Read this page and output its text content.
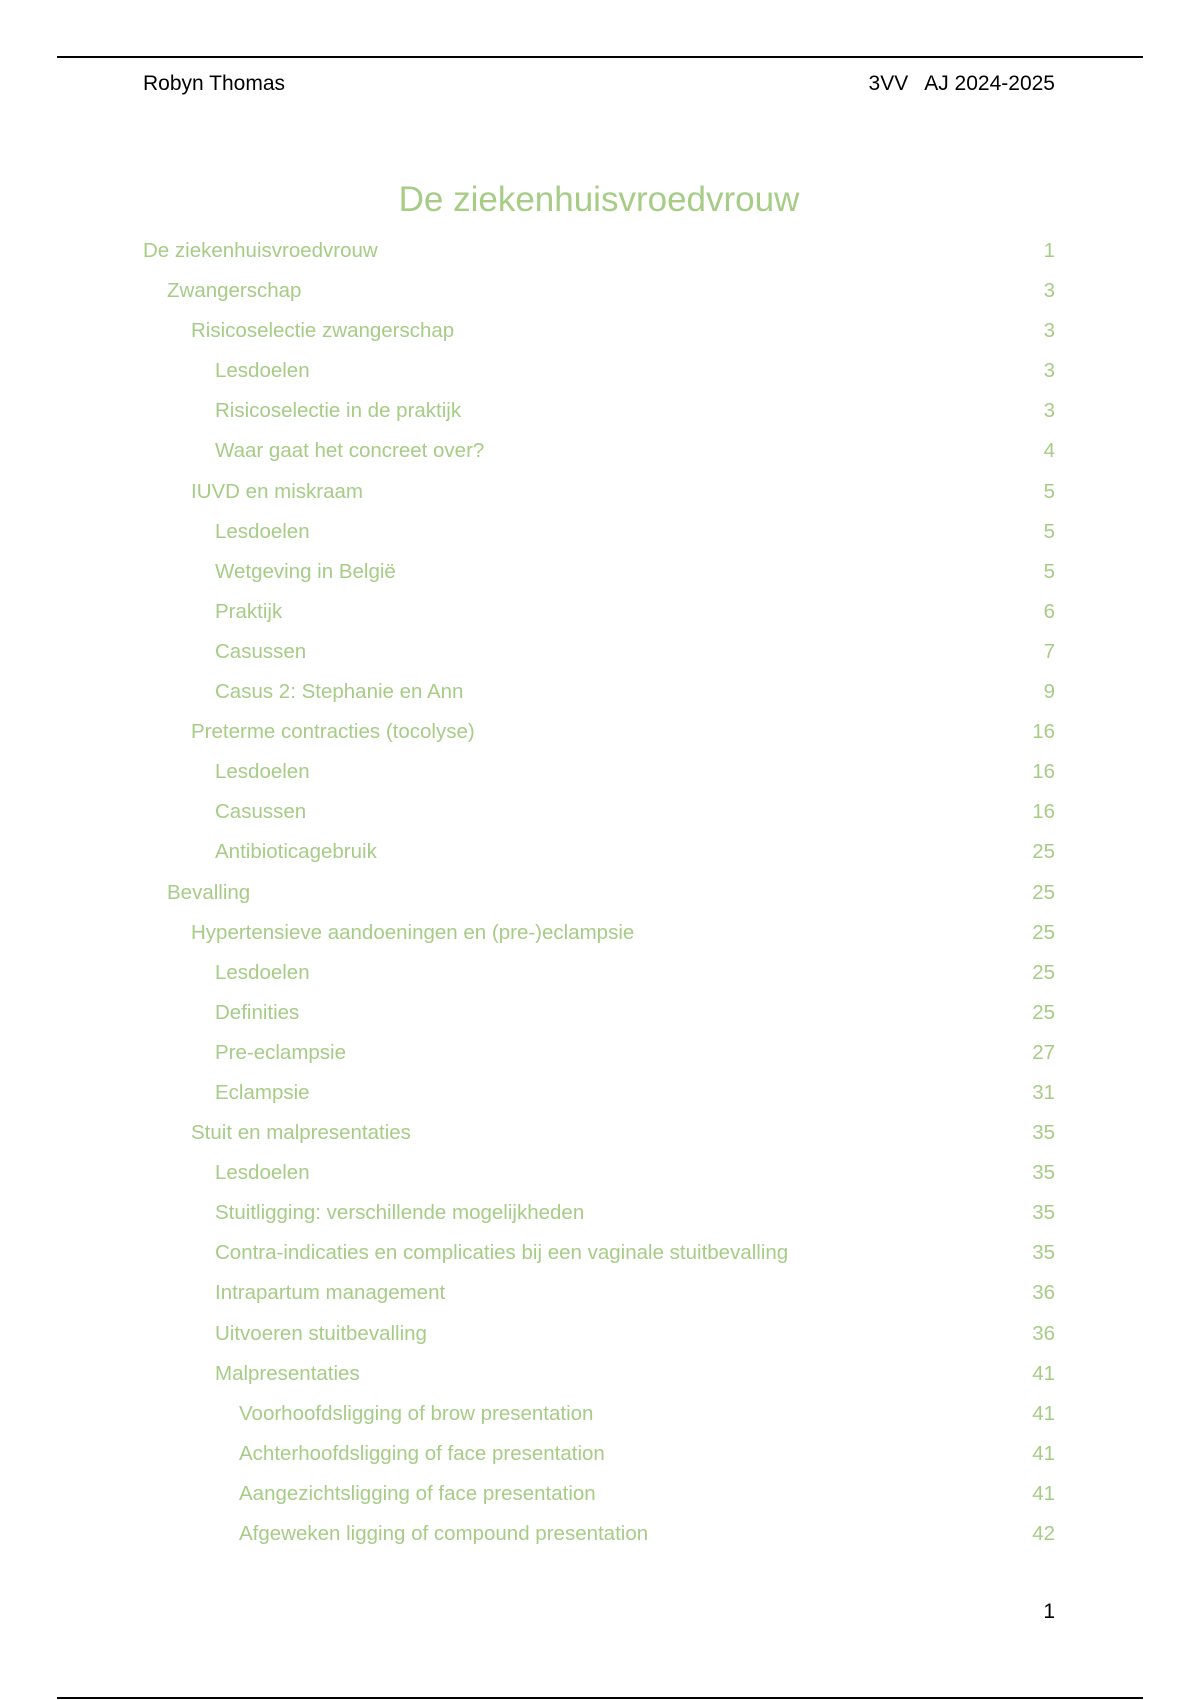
Robyn Thomas	3VV AJ 2024-2025
De ziekenhuisvroedvrouw
De ziekenhuisvroedvrouw	1
Zwangerschap	3
Risicoselectie zwangerschap	3
Lesdoelen	3
Risicoselectie in de praktijk	3
Waar gaat het concreet over?	4
IUVD en miskraam	5
Lesdoelen	5
Wetgeving in België	5
Praktijk	6
Casussen	7
Casus 2: Stephanie en Ann	9
Preterme contracties (tocolyse)	16
Lesdoelen	16
Casussen	16
Antibioticagebruik	25
Bevalling	25
Hypertensieve aandoeningen en (pre-)eclampsie	25
Lesdoelen	25
Definities	25
Pre-eclampsie	27
Eclampsie	31
Stuit en malpresentaties	35
Lesdoelen	35
Stuitligging: verschillende mogelijkheden	35
Contra-indicaties en complicaties bij een vaginale stuitbevalling	35
Intrapartum management	36
Uitvoeren stuitbevalling	36
Malpresentaties	41
Voorhoofdsligging of brow presentation	41
Achterhoofdsligging of face presentation	41
Aangezichtsligging of face presentation	41
Afgeweken ligging of compound presentation	42
1
